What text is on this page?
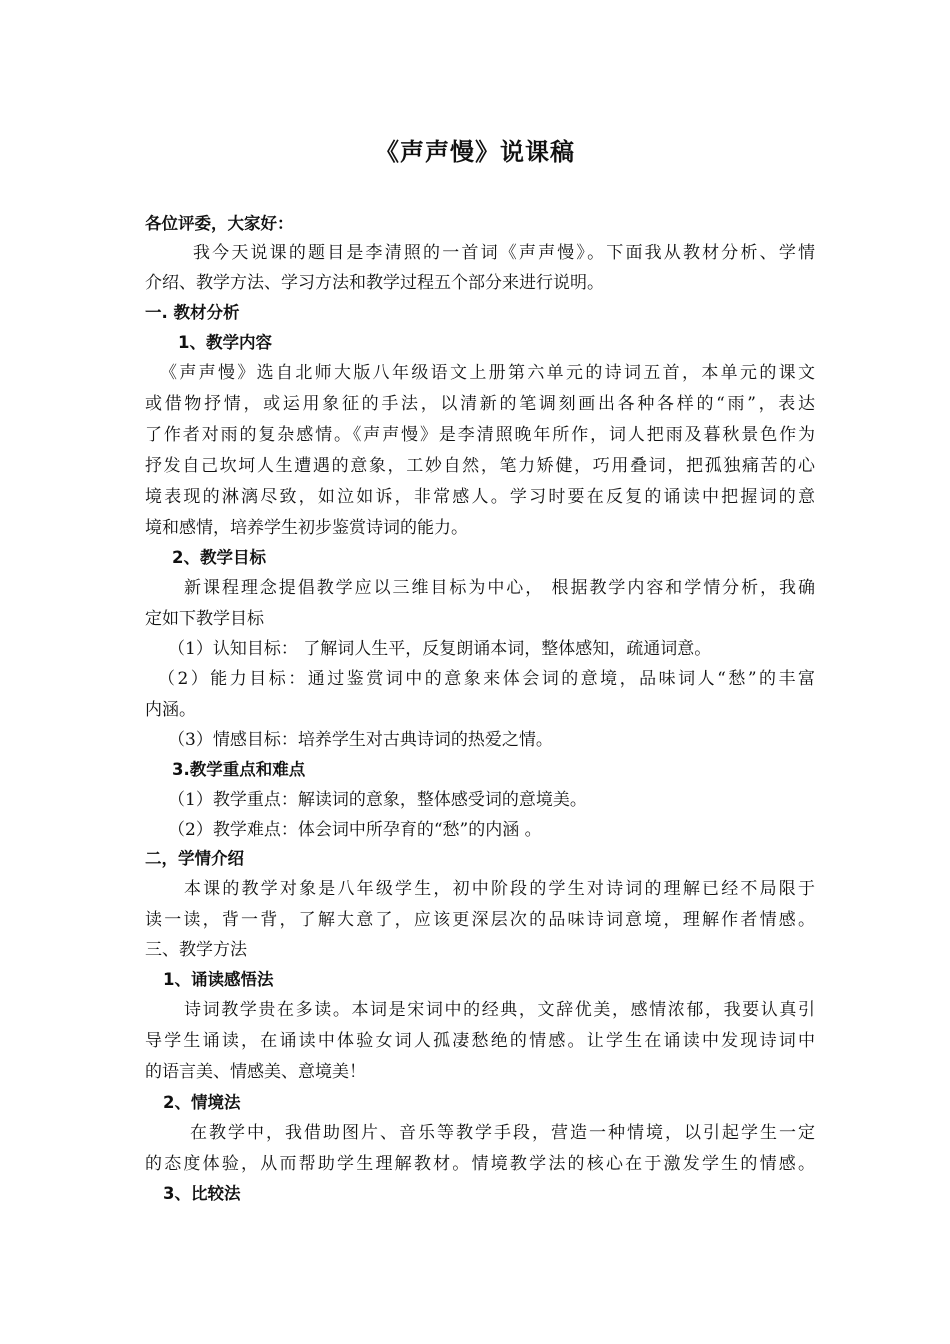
《声声慢》说课稿
各位评委，大家好：
我今天说课的题目是李清照的一首词《声声慢》。下面我从教材分析、学情
介绍、教学方法、学习方法和教学过程五个部分来进行说明。
一. 教材分析
1、教学内容
《声声慢》选自北师大版八年级语文上册第六单元的诗词五首，本单元的课文
或借物抒情，或运用象征的手法，以清新的笔调刻画出各种各样的“雨”，表达
了作者对雨的复杂感情。《声声慢》是李清照晚年所作，词人把雨及暮秋景色作为
抒发自己坎坷人生遭遇的意象，工妙自然，笔力矫健，巧用叠词，把孤独痛苦的心
境表现的淋漓尽致，如泣如诉，非常感人。学习时要在反复的诵读中把握词的意
境和感情，培养学生初步鉴赏诗词的能力。
2、教学目标
新课程理念提倡教学应以三维目标为中心， 根据教学内容和学情分析，我确
定如下教学目标
（1）认知目标： 了解词人生平，反复朗诵本词，整体感知，疏通词意。
（2）能力目标：通过鉴赏词中的意象来体会词的意境，品味词人“愁”的丰富
内涵。
（3）情感目标：培养学生对古典诗词的热爱之情。
3.教学重点和难点
（1）教学重点：解读词的意象，整体感受词的意境美。
（2）教学难点：体会词中所孕育的“愁”的内涵 。
二，学情介绍
本课的教学对象是八年级学生，初中阶段的学生对诗词的理解已经不局限于
读一读，背一背，了解大意了，应该更深层次的品味诗词意境，理解作者情感。
三、教学方法
1、诵读感悟法
诗词教学贵在多读。本词是宋词中的经典，文辞优美，感情浓郁，我要认真引
导学生诵读，在诵读中体验女词人孤凄愁绝的情感。让学生在诵读中发现诗词中
的语言美、情感美、意境美！
2、情境法
在教学中，我借助图片、音乐等教学手段，营造一种情境，以引起学生一定
的态度体验，从而帮助学生理解教材。情境教学法的核心在于激发学生的情感。
3、比较法
